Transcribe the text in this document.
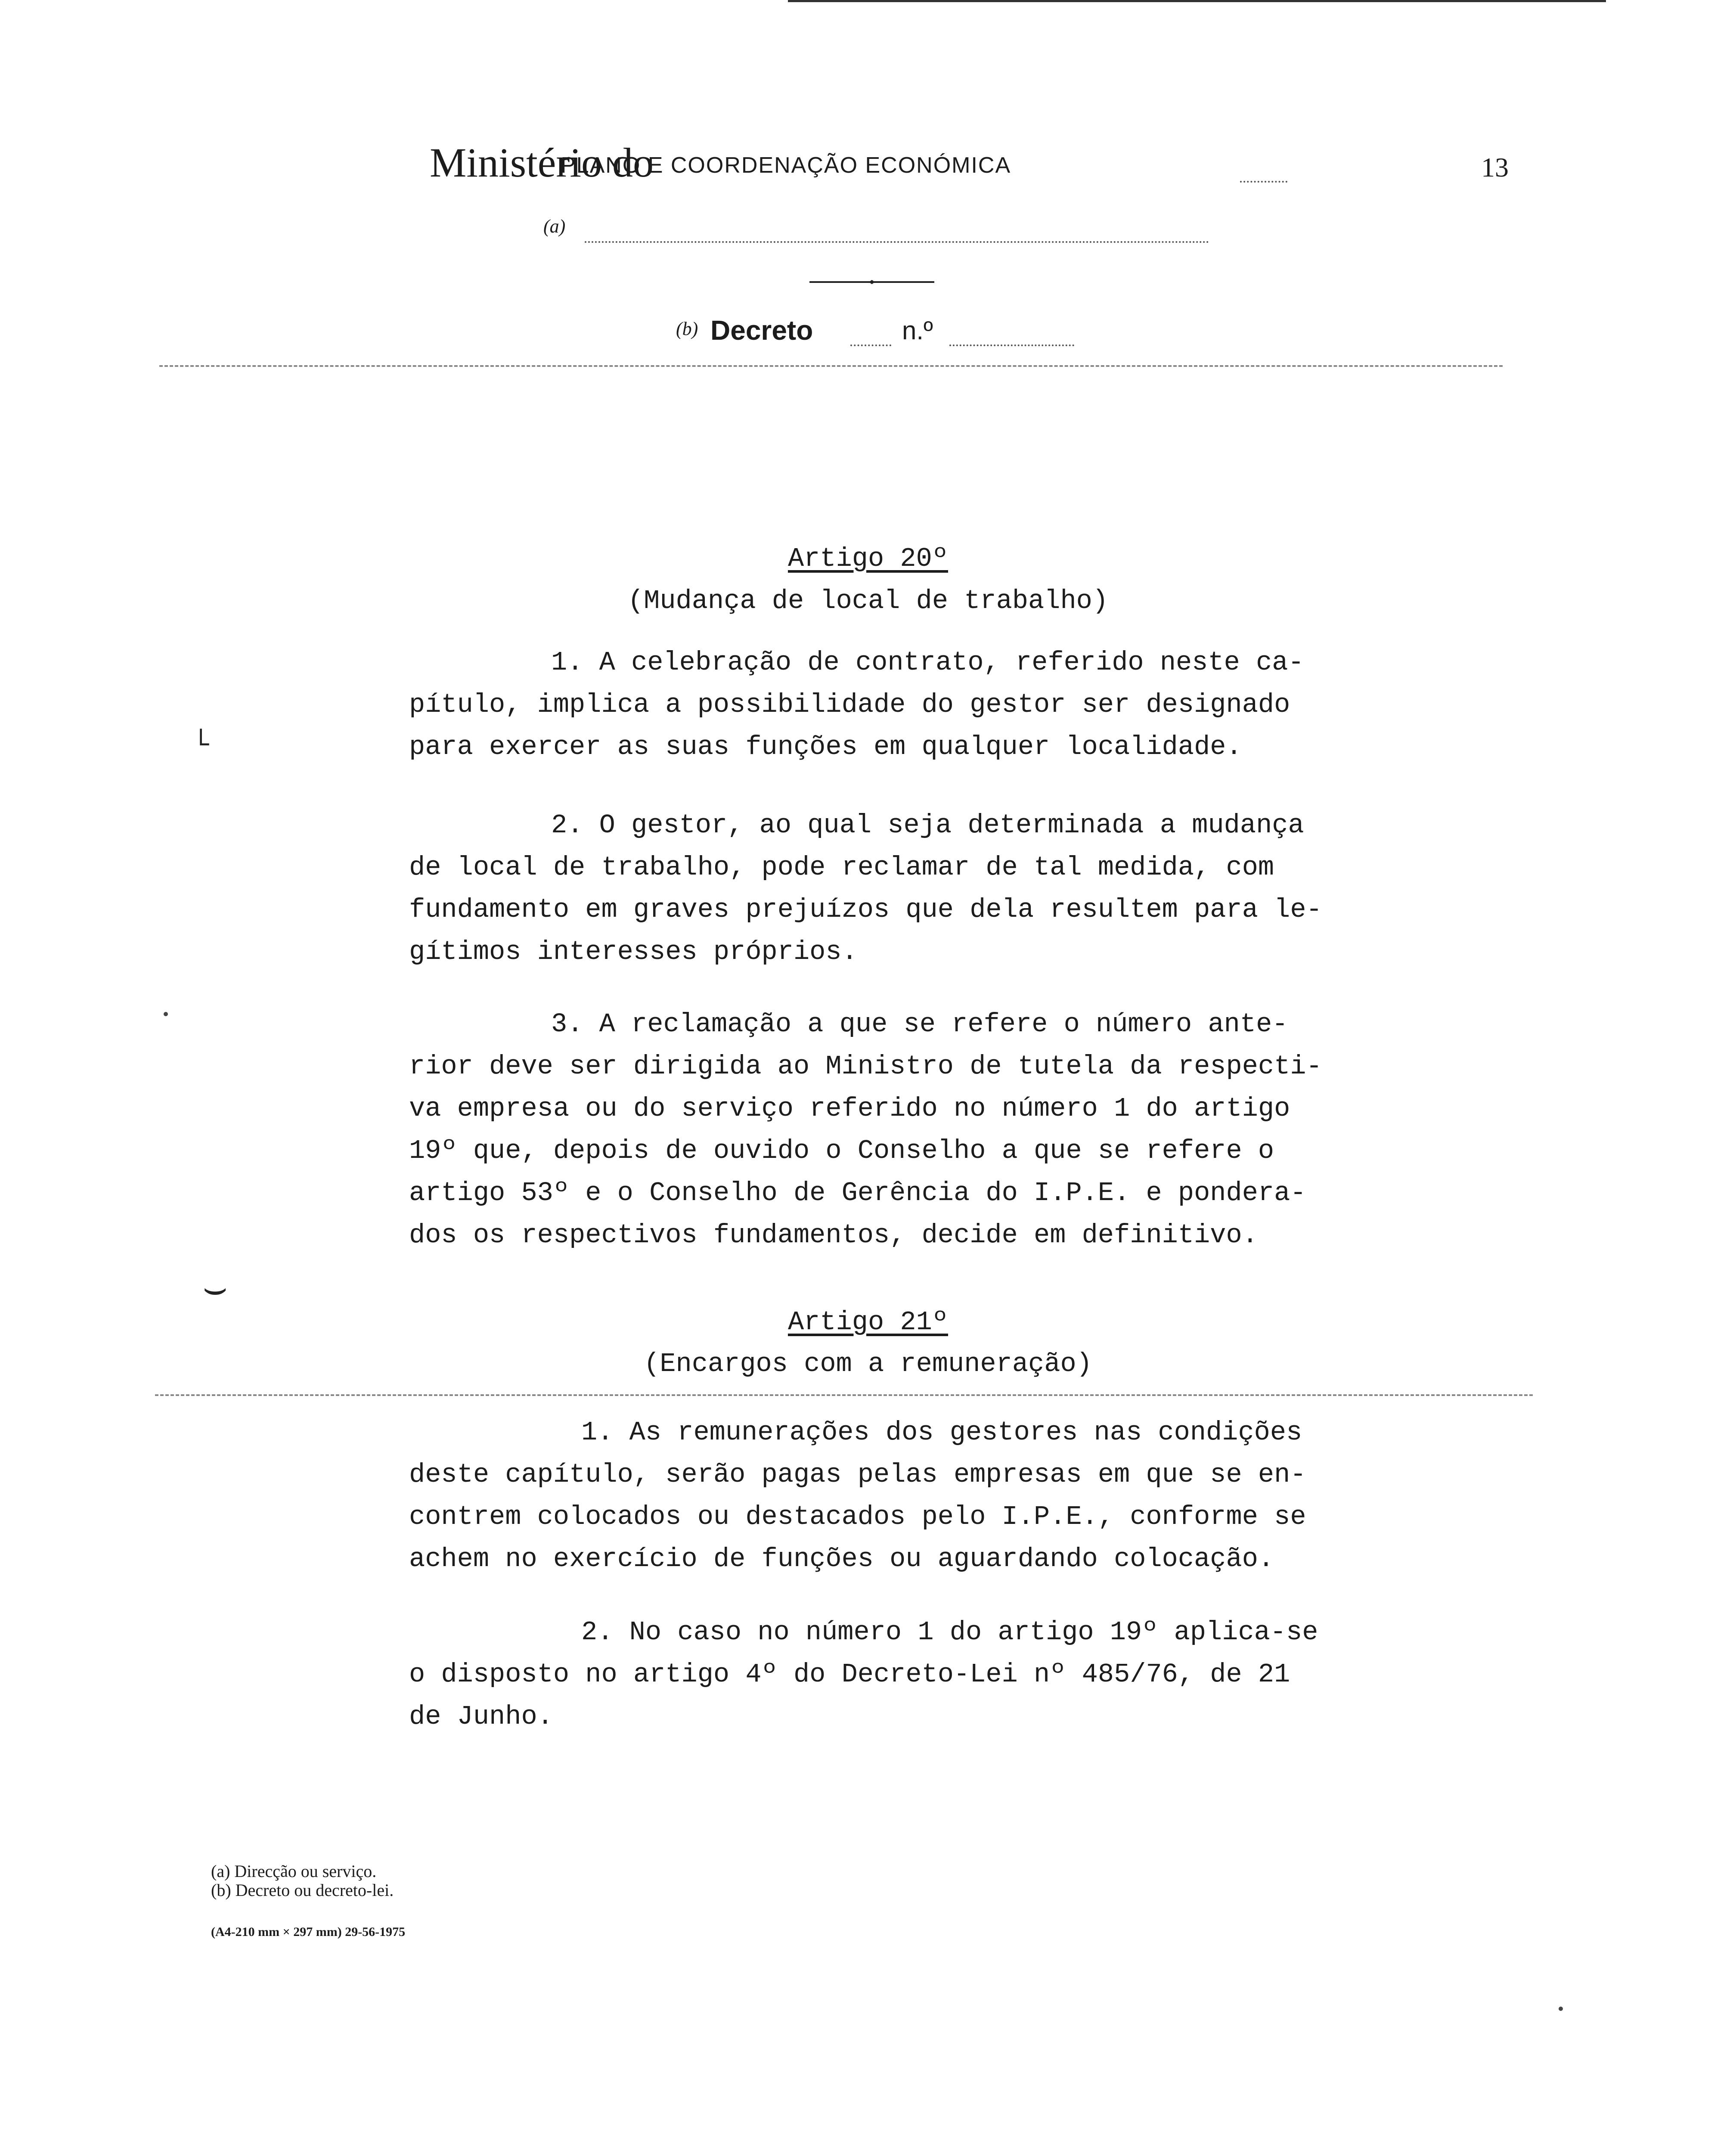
Ministério do
PLANO E COORDENAÇÃO ECONÓMICA	13
(a)
(b) Decreto	n.º
Artigo 20º
(Mudança de local de trabalho)
1. A celebração de contrato, referido neste ca-
pítulo, implica a possibilidade do gestor ser designado
para exercer as suas funções em qualquer localidade.
2. O gestor, ao qual seja determinada a mudança
de local de trabalho, pode reclamar de tal medida, com
fundamento em graves prejuízos que dela resultem para le-
gítimos interesses próprios.
3. A reclamação a que se refere o número ante-
rior deve ser dirigida ao Ministro de tutela da respecti-
va empresa ou do serviço referido no número 1 do artigo
19º que, depois de ouvido o Conselho a que se refere o
artigo 53º e o Conselho de Gerência do I.P.E. e pondera-
dos os respectivos fundamentos, decide em definitivo.
Artigo 21º
(Encargos com a remuneração)
1. As remunerações dos gestores nas condições
deste capítulo, serão pagas pelas empresas em que se en-
contrem colocados ou destacados pelo I.P.E., conforme se
achem no exercício de funções ou aguardando colocação.
2. No caso no número 1 do artigo 19º aplica-se
o disposto no artigo 4º do Decreto-Lei nº 485/76, de 21
de Junho.
˪
⌣
(a) Direcção ou serviço.
(b) Decreto ou decreto-lei.
(A4-210 mm × 297 mm) 29-56-1975
